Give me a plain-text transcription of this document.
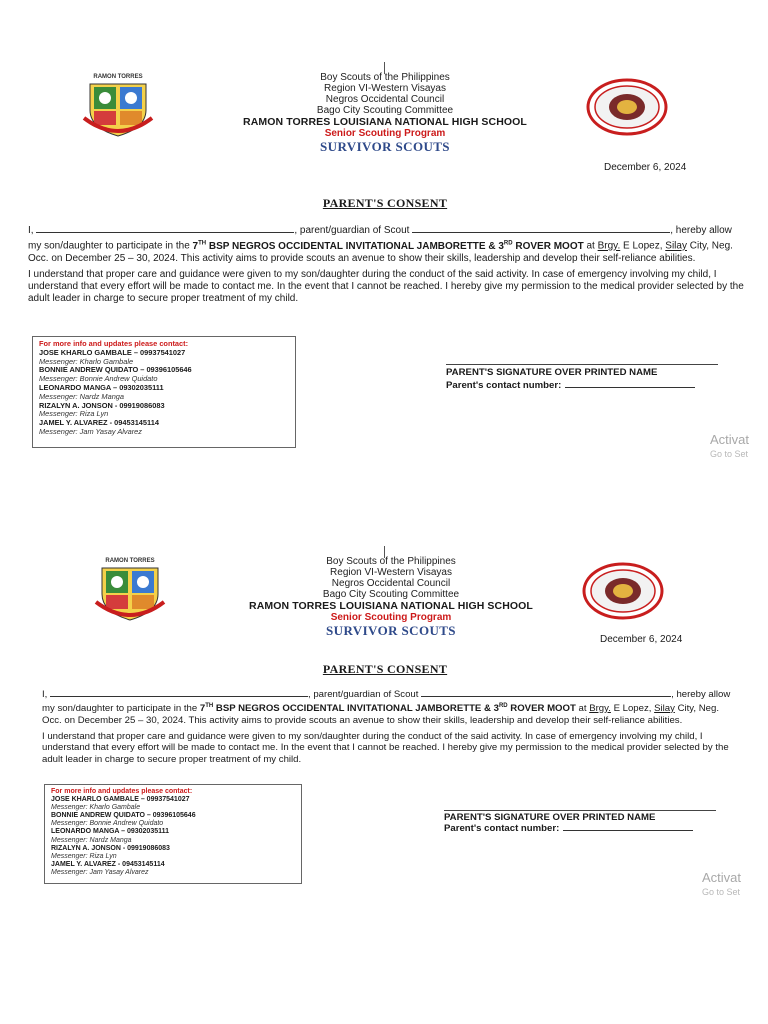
RAMON TORRES	Boy Scouts of the Philippines
Region VI-Western Visayas
Negros Occidental Council
Bago City Scouting Committee
RAMON TORRES LOUISIANA NATIONAL HIGH SCHOOL
Senior Scouting Program
SURVIVOR SCOUTS
December 6, 2024
PARENT'S CONSENT

I,	, parent/guardian of Scout	, hereby allow my son/daughter to participate in the 7TH BSP NEGROS OCCIDENTAL INVITATIONAL JAMBORETTE & 3RD ROVER MOOT at Brgy. E Lopez, Silay City, Neg. Occ. on December 25 – 30, 2024. This activity aims to provide scouts an avenue to show their skills, leadership and develop their self-reliance abilities.

I understand that proper care and guidance were given to my son/daughter during the conduct of the said activity. In case of emergency involving my child, I understand that every effort will be made to contact me. In the event that I cannot be reached. I hereby give my permission to the medical provider selected by the adult leader in charge to secure proper treatment of my child.

For more info and updates please contact:
JOSE KHARLO GAMBALE – 09937541027
Messenger: Kharlo Gambale
BONNIE ANDREW QUIDATO – 09396105646
Messenger: Bonnie Andrew Quidato
LEONARDO MANGA – 09302035111
Messenger: Nardz Manga
RIZALYN A. JONSON - 09919086083
Messenger: Riza Lyn
JAMEL Y. ALVAREZ - 09453145114
Messenger: Jam Yasay Alvarez
PARENT'S SIGNATURE OVER PRINTED NAME
Parent's contact number:
Activat
Go to Set
RAMON TORRES	Boy Scouts of the Philippines
Region VI-Western Visayas
Negros Occidental Council
Bago City Scouting Committee
RAMON TORRES LOUISIANA NATIONAL HIGH SCHOOL
Senior Scouting Program
SURVIVOR SCOUTS
December 6, 2024
PARENT'S CONSENT

I,	, parent/guardian of Scout	, hereby allow my son/daughter to participate in the 7TH BSP NEGROS OCCIDENTAL INVITATIONAL JAMBORETTE & 3RD ROVER MOOT at Brgy. E Lopez, Silay City, Neg. Occ. on December 25 – 30, 2024. This activity aims to provide scouts an avenue to show their skills, leadership and develop their self-reliance abilities.

I understand that proper care and guidance were given to my son/daughter during the conduct of the said activity. In case of emergency involving my child, I understand that every effort will be made to contact me. In the event that I cannot be reached. I hereby give my permission to the medical provider selected by the adult leader in charge to secure proper treatment of my child.

For more info and updates please contact:
JOSE KHARLO GAMBALE – 09937541027
Messenger: Kharlo Gambale
BONNIE ANDREW QUIDATO – 09396105646
Messenger: Bonnie Andrew Quidato
LEONARDO MANGA – 09302035111
Messenger: Nardz Manga
RIZALYN A. JONSON - 09919086083
Messenger: Riza Lyn
JAMEL Y. ALVAREZ - 09453145114
Messenger: Jam Yasay Alvarez
PARENT'S SIGNATURE OVER PRINTED NAME
Parent's contact number:
Activat
Go to Set
